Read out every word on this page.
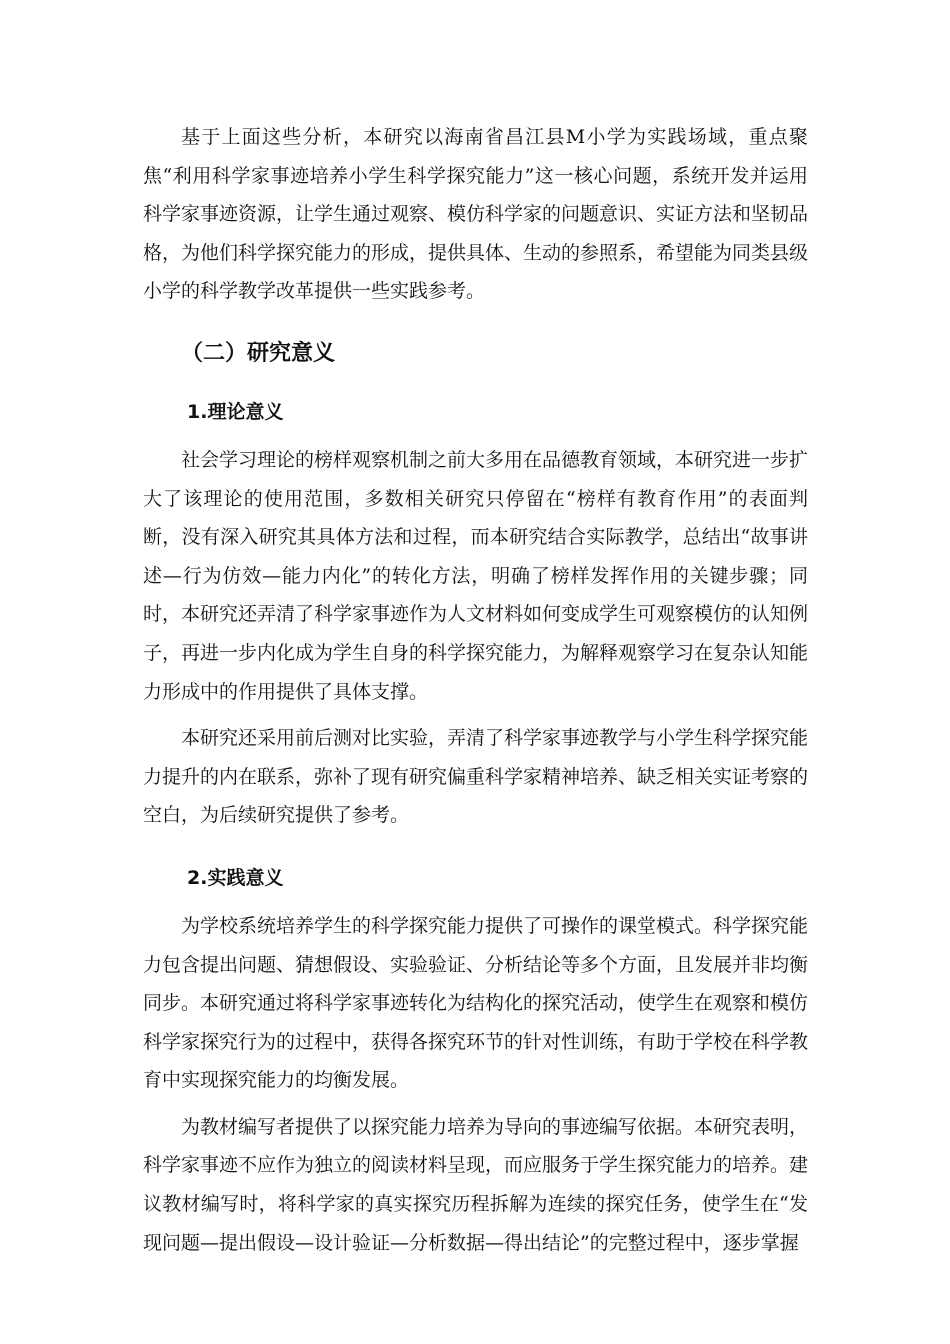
基于上面这些分析，本研究以海南省昌江县M小学为实践场域，重点聚焦“利用科学家事迹培养小学生科学探究能力”这一核心问题，系统开发并运用科学家事迹资源，让学生通过观察、模仿科学家的问题意识、实证方法和坚韧品格，为他们科学探究能力的形成，提供具体、生动的参照系，希望能为同类县级小学的科学教学改革提供一些实践参考。

（二）研究意义
1.理论意义

社会学习理论的榜样观察机制之前大多用在品德教育领域，本研究进一步扩大了该理论的使用范围，多数相关研究只停留在“榜样有教育作用”的表面判断，没有深入研究其具体方法和过程，而本研究结合实际教学，总结出“故事讲述—行为仿效—能力内化”的转化方法，明确了榜样发挥作用的关键步骤；同时，本研究还弄清了科学家事迹作为人文材料如何变成学生可观察模仿的认知例子，再进一步内化成为学生自身的科学探究能力，为解释观察学习在复杂认知能力形成中的作用提供了具体支撑。

本研究还采用前后测对比实验，弄清了科学家事迹教学与小学生科学探究能力提升的内在联系，弥补了现有研究偏重科学家精神培养、缺乏相关实证考察的空白，为后续研究提供了参考。

2.实践意义

为学校系统培养学生的科学探究能力提供了可操作的课堂模式。科学探究能力包含提出问题、猜想假设、实验验证、分析结论等多个方面，且发展并非均衡同步。本研究通过将科学家事迹转化为结构化的探究活动，使学生在观察和模仿科学家探究行为的过程中，获得各探究环节的针对性训练，有助于学校在科学教育中实现探究能力的均衡发展。

为教材编写者提供了以探究能力培养为导向的事迹编写依据。本研究表明，科学家事迹不应作为独立的阅读材料呈现，而应服务于学生探究能力的培养。建议教材编写时，将科学家的真实探究历程拆解为连续的探究任务，使学生在“发现问题—提出假设—设计验证—分析数据—得出结论”的完整过程中，逐步掌握
